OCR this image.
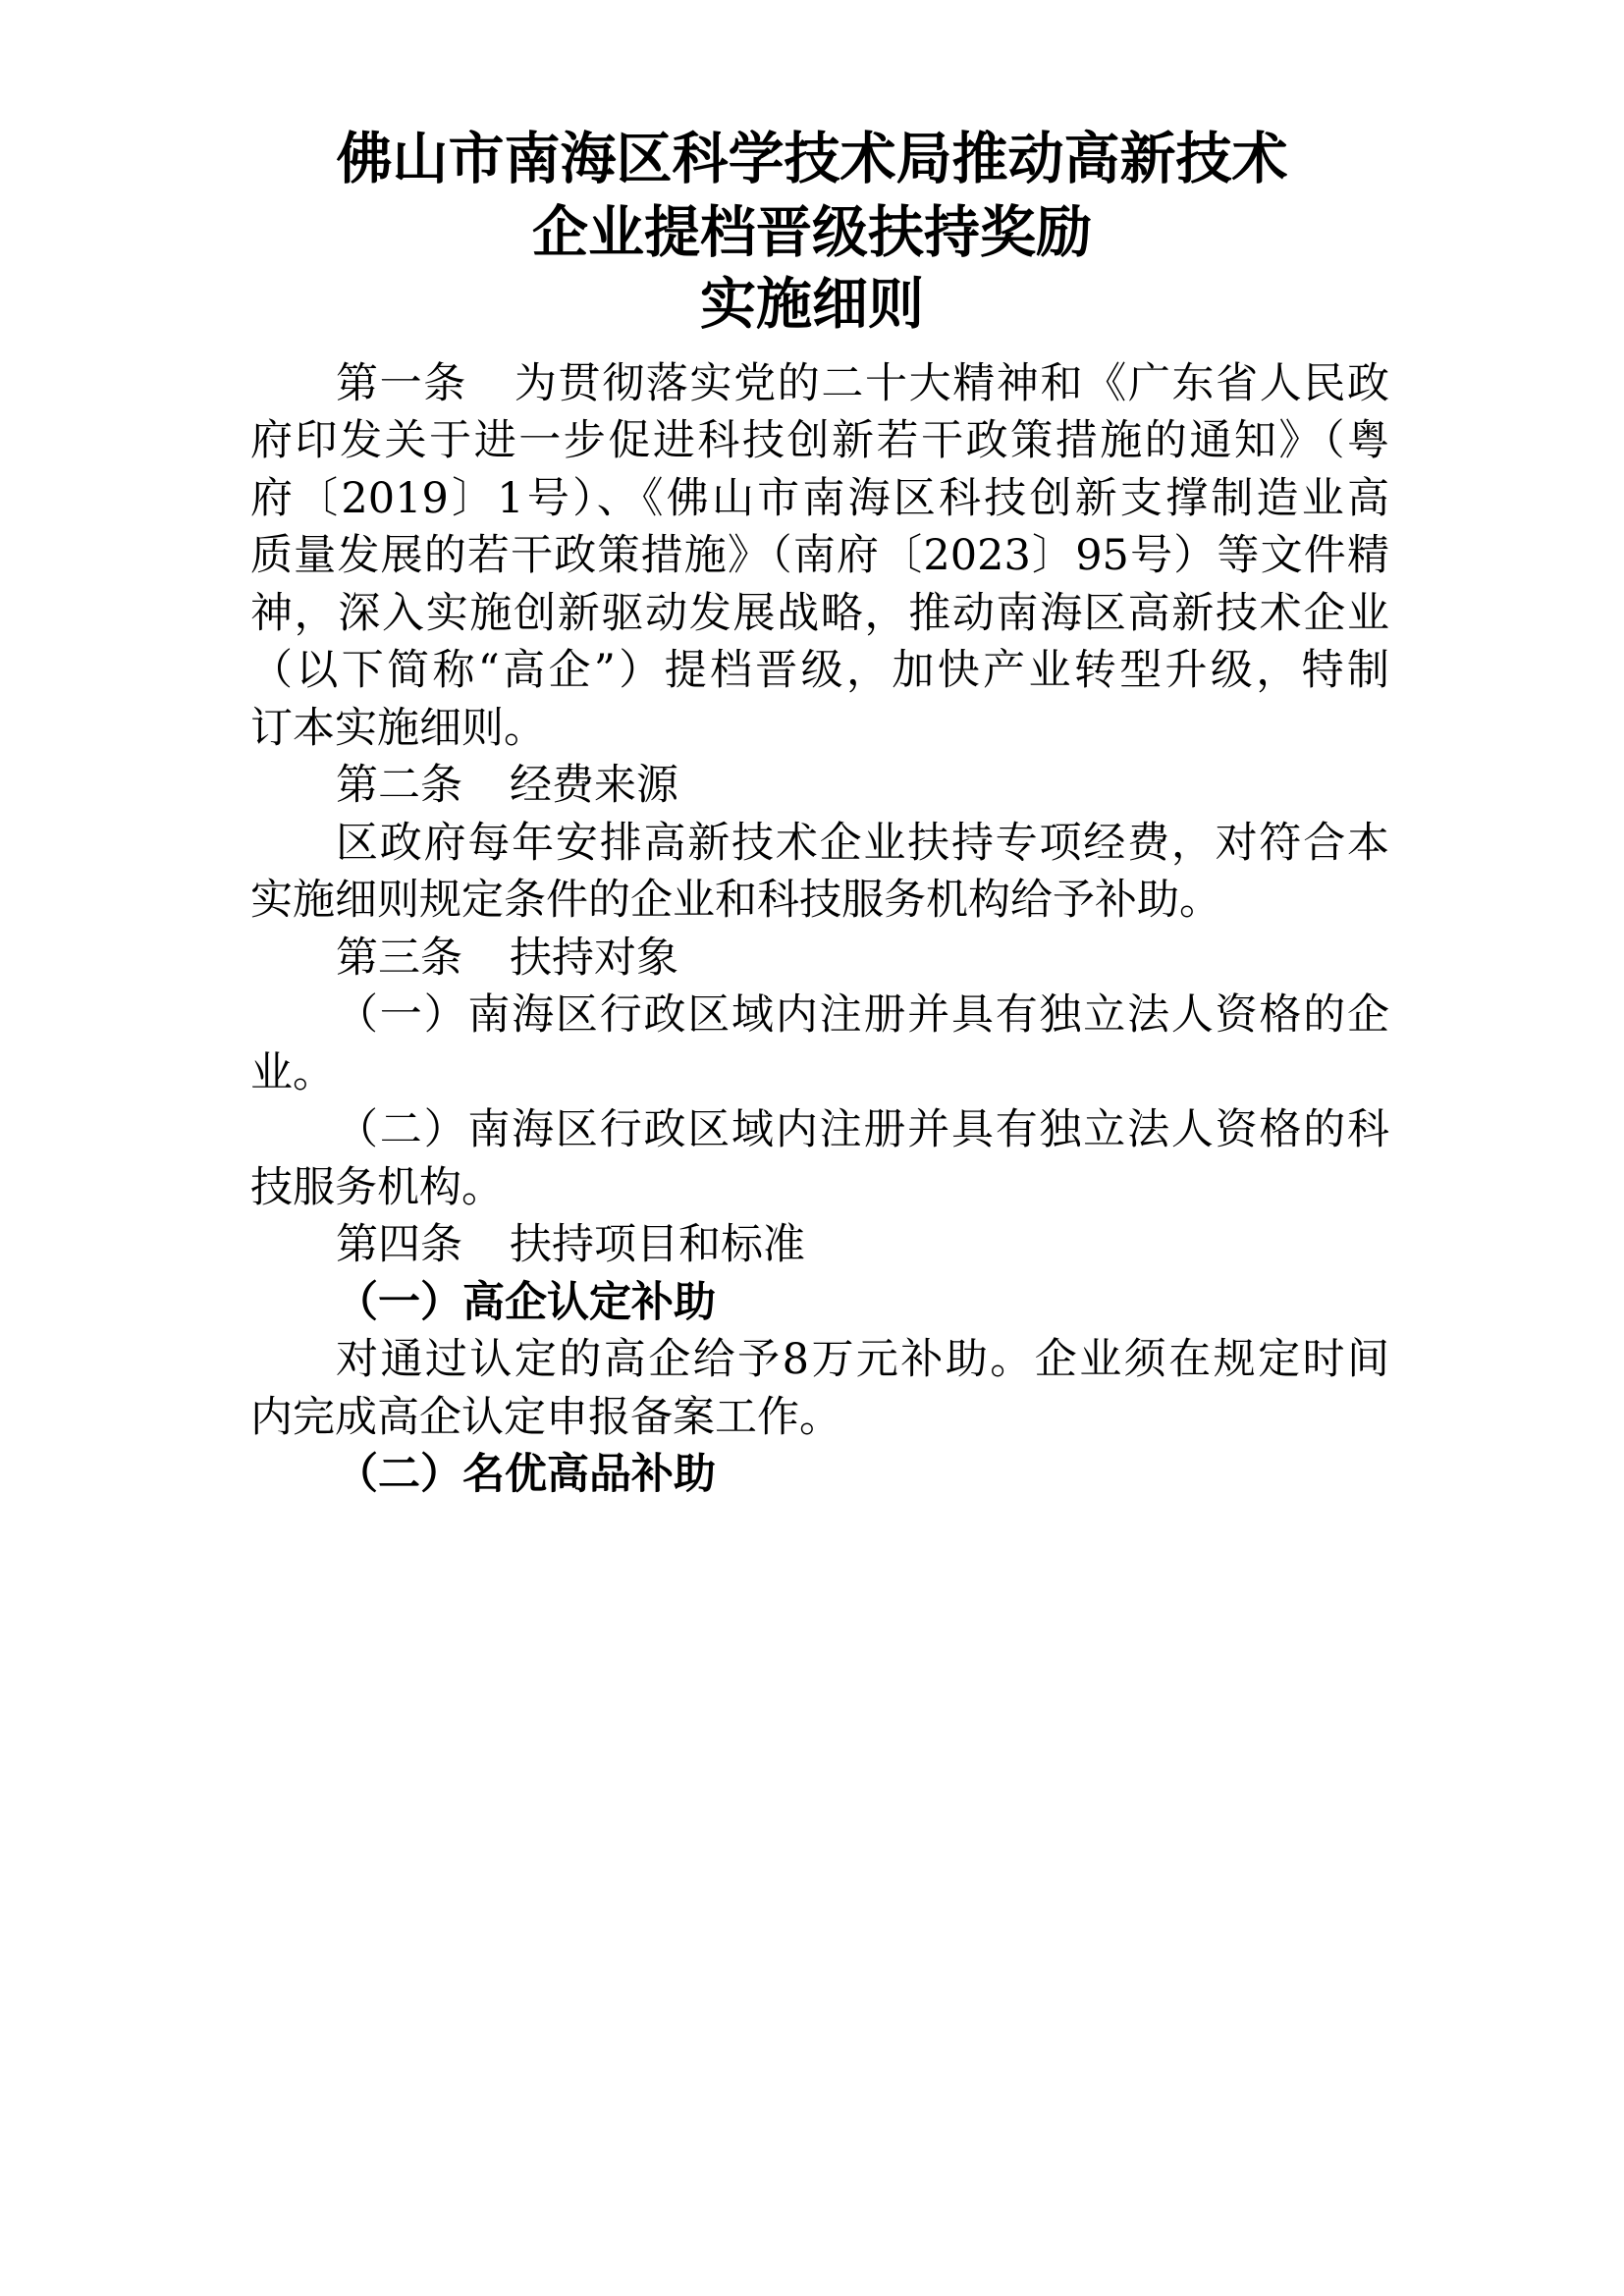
佛山市南海区科学技术局推动高新技术
企业提档晋级扶持奖励
实施细则
第一条 为贯彻落实党的二十大精神和《广东省人民政
府印发关于进一步促进科技创新若干政策措施的通知》（粤
府〔2019〕1号）、《佛山市南海区科技创新支撑制造业高
质量发展的若干政策措施》（南府〔2023〕95号）等文件精
神，深入实施创新驱动发展战略，推动南海区高新技术企业
（以下简称“高企”）提档晋级，加快产业转型升级，特制
订本实施细则。
第二条 经费来源
区政府每年安排高新技术企业扶持专项经费，对符合本
实施细则规定条件的企业和科技服务机构给予补助。
第三条 扶持对象
（一）南海区行政区域内注册并具有独立法人资格的企
业。
（二）南海区行政区域内注册并具有独立法人资格的科
技服务机构。
第四条 扶持项目和标准
（一）高企认定补助
对通过认定的高企给予8万元补助。企业须在规定时间
内完成高企认定申报备案工作。
（二）名优高品补助
